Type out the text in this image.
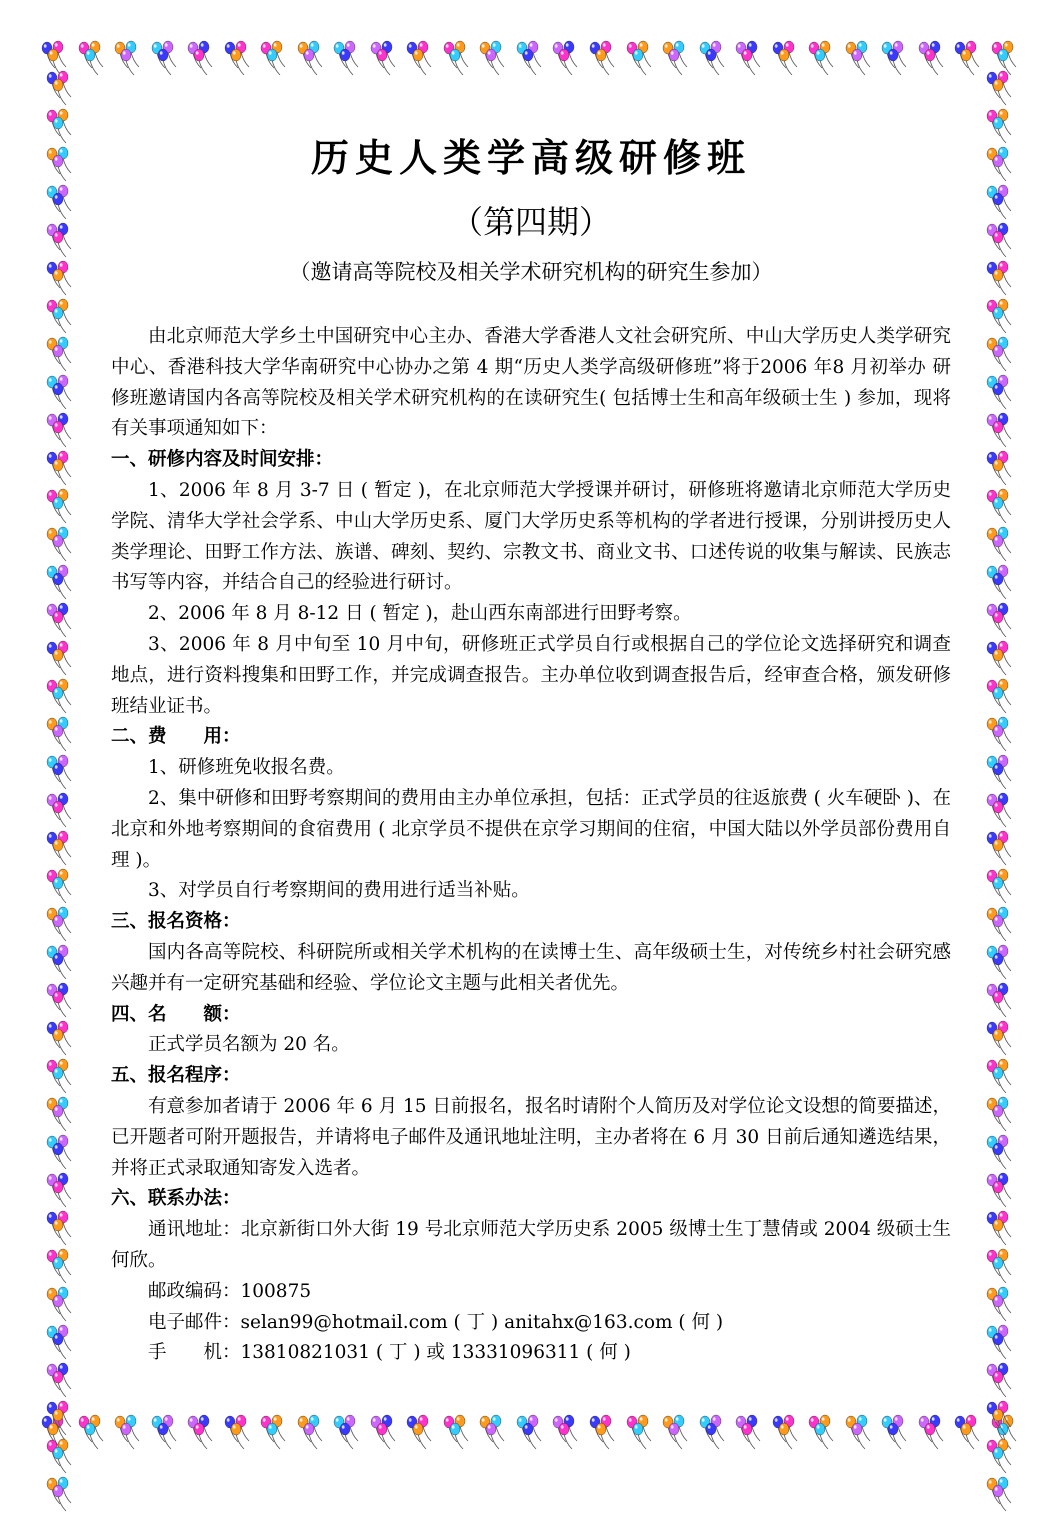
历史人类学高级研修班
（第四期）
（邀请高等院校及相关学术研究机构的研究生参加）

由北京师范大学乡土中国研究中心主办、香港大学香港人文社会研究所、中山大学历史人类学研究中心、香港科技大学华南研究中心协办之第 4 期“历史人类学高级研修班”将于2006 年8 月初举办 研修班邀请国内各高等院校及相关学术研究机构的在读研究生( 包括博士生和高年级硕士生 ) 参加，现将有关事项通知如下：

一、研修内容及时间安排：

1、2006 年 8 月 3-7 日 ( 暂定 )，在北京师范大学授课并研讨，研修班将邀请北京师范大学历史学院、清华大学社会学系、中山大学历史系、厦门大学历史系等机构的学者进行授课，分别讲授历史人类学理论、田野工作方法、族谱、碑刻、契约、宗教文书、商业文书、口述传说的收集与解读、民族志书写等内容，并结合自己的经验进行研讨。

2、2006 年 8 月 8-12 日 ( 暂定 )，赴山西东南部进行田野考察。

3、2006 年 8 月中旬至 10 月中旬，研修班正式学员自行或根据自己的学位论文选择研究和调查地点，进行资料搜集和田野工作，并完成调查报告。主办单位收到调查报告后，经审查合格，颁发研修班结业证书。

二、费　　用：

1、研修班免收报名费。

2、集中研修和田野考察期间的费用由主办单位承担，包括：正式学员的往返旅费 ( 火车硬卧 )、在北京和外地考察期间的食宿费用 ( 北京学员不提供在京学习期间的住宿，中国大陆以外学员部份费用自理 )。

3、对学员自行考察期间的费用进行适当补贴。

三、报名资格：

国内各高等院校、科研院所或相关学术机构的在读博士生、高年级硕士生，对传统乡村社会研究感兴趣并有一定研究基础和经验、学位论文主题与此相关者优先。

四、名　　额：

正式学员名额为 20 名。

五、报名程序：

有意参加者请于 2006 年 6 月 15 日前报名，报名时请附个人简历及对学位论文设想的简要描述，已开题者可附开题报告，并请将电子邮件及通讯地址注明，主办者将在 6 月 30 日前后通知遴选结果，并将正式录取通知寄发入选者。

六、联系办法：

通讯地址：北京新街口外大街 19 号北京师范大学历史系 2005 级博士生丁慧倩或 2004 级硕士生何欣。

邮政编码：100875

电子邮件：selan99@hotmail.com ( 丁 ) anitahx@163.com ( 何 )

手　　机：13810821031 ( 丁 ) 或 13331096311 ( 何 )
